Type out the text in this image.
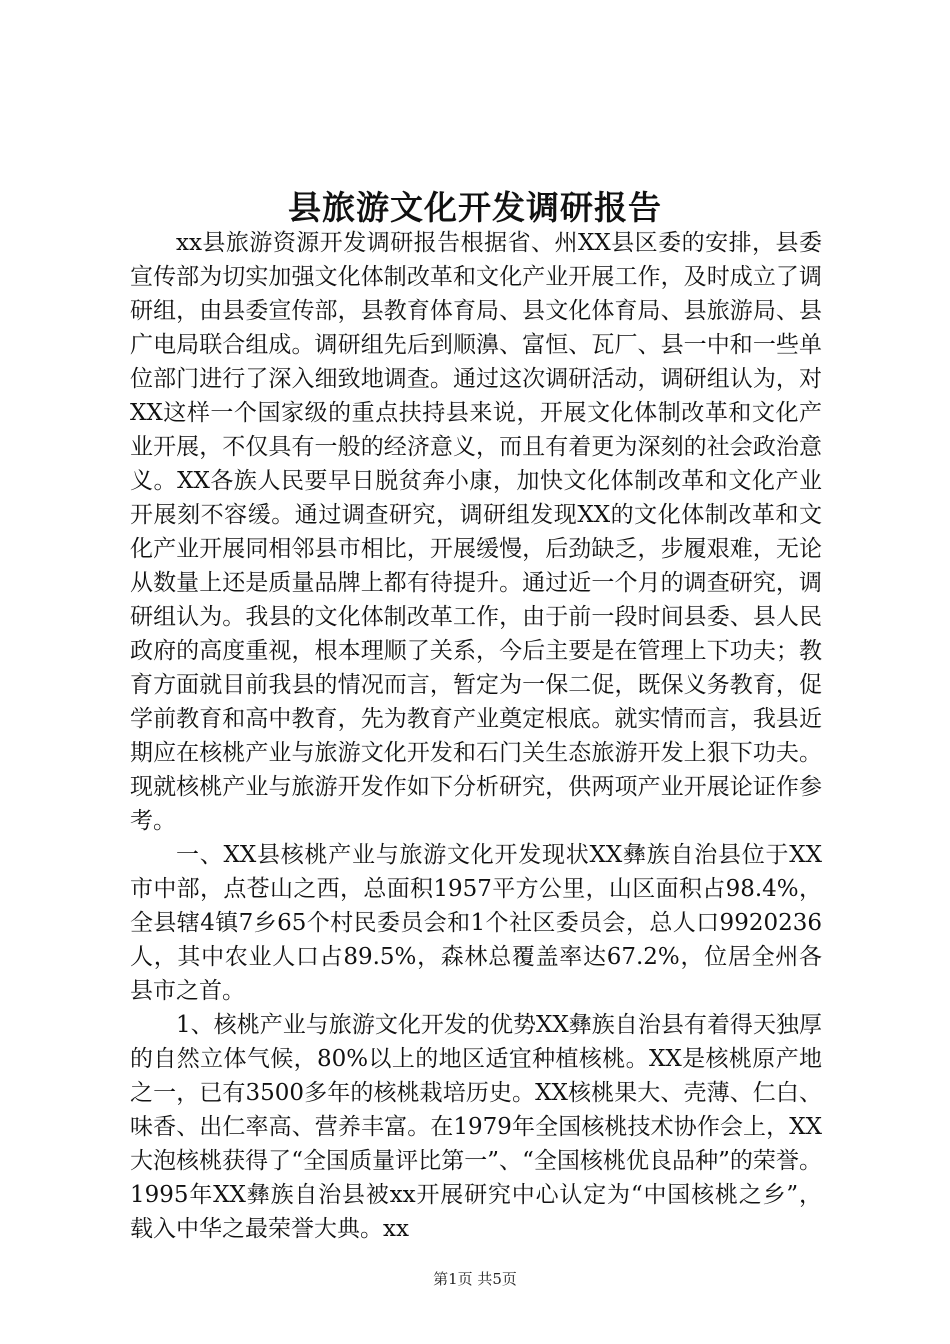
县旅游文化开发调研报告

xx县旅游资源开发调研报告根据省、州XX县区委的安排，县委宣传部为切实加强文化体制改革和文化产业开展工作，及时成立了调研组，由县委宣传部，县教育体育局、县文化体育局、县旅游局、县广电局联合组成。调研组先后到顺濞、富恒、瓦厂、县一中和一些单位部门进行了深入细致地调查。通过这次调研活动，调研组认为，对XX这样一个国家级的重点扶持县来说，开展文化体制改革和文化产业开展，不仅具有一般的经济意义，而且有着更为深刻的社会政治意义。XX各族人民要早日脱贫奔小康，加快文化体制改革和文化产业开展刻不容缓。通过调查研究，调研组发现XX的文化体制改革和文化产业开展同相邻县市相比，开展缓慢，后劲缺乏，步履艰难，无论从数量上还是质量品牌上都有待提升。通过近一个月的调查研究，调研组认为。我县的文化体制改革工作，由于前一段时间县委、县人民政府的高度重视，根本理顺了关系，今后主要是在管理上下功夫；教育方面就目前我县的情况而言，暂定为一保二促，既保义务教育，促学前教育和高中教育，先为教育产业奠定根底。就实情而言，我县近期应在核桃产业与旅游文化开发和石门关生态旅游开发上狠下功夫。现就核桃产业与旅游开发作如下分析研究，供两项产业开展论证作参考。

一、XX县核桃产业与旅游文化开发现状XX彝族自治县位于XX市中部，点苍山之西，总面积1957平方公里，山区面积占98.4%，全县辖4镇7乡65个村民委员会和1个社区委员会，总人口9920236人，其中农业人口占89.5%，森林总覆盖率达67.2%，位居全州各县市之首。

1、核桃产业与旅游文化开发的优势XX彝族自治县有着得天独厚的自然立体气候，80%以上的地区适宜种植核桃。XX是核桃原产地之一，已有3500多年的核桃栽培历史。XX核桃果大、壳薄、仁白、味香、出仁率高、营养丰富。在1979年全国核桃技术协作会上，XX大泡核桃获得了“全国质量评比第一”、“全国核桃优良品种”的荣誉。1995年XX彝族自治县被xx开展研究中心认定为“中国核桃之乡”，载入中华之最荣誉大典。xx

第1页 共5页
